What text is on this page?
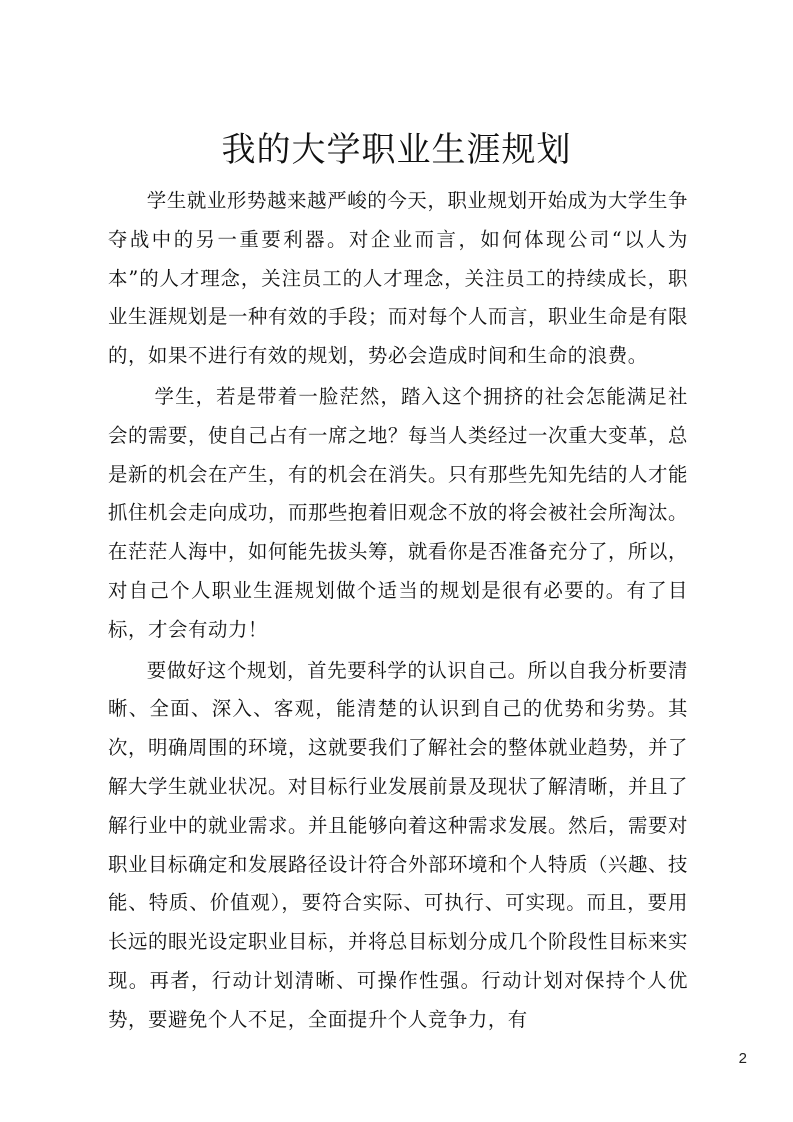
我的大学职业生涯规划

学生就业形势越来越严峻的今天，职业规划开始成为大学生争夺战中的另一重要利器。对企业而言，如何体现公司“以人为本”的人才理念，关注员工的人才理念，关注员工的持续成长，职业生涯规划是一种有效的手段；而对每个人而言，职业生命是有限的，如果不进行有效的规划，势必会造成时间和生命的浪费。

学生，若是带着一脸茫然，踏入这个拥挤的社会怎能满足社会的需要，使自己占有一席之地？每当人类经过一次重大变革，总是新的机会在产生，有的机会在消失。只有那些先知先结的人才能抓住机会走向成功，而那些抱着旧观念不放的将会被社会所淘汰。在茫茫人海中，如何能先拔头筹，就看你是否准备充分了，所以，对自己个人职业生涯规划做个适当的规划是很有必要的。有了目标，才会有动力！

要做好这个规划，首先要科学的认识自己。所以自我分析要清晰、全面、深入、客观，能清楚的认识到自己的优势和劣势。其次，明确周围的环境，这就要我们了解社会的整体就业趋势，并了解大学生就业状况。对目标行业发展前景及现状了解清晰，并且了解行业中的就业需求。并且能够向着这种需求发展。然后，需要对职业目标确定和发展路径设计符合外部环境和个人特质（兴趣、技能、特质、价值观），要符合实际、可执行、可实现。而且，要用长远的眼光设定职业目标，并将总目标划分成几个阶段性目标来实现。再者，行动计划清晰、可操作性强。行动计划对保持个人优势，要避免个人不足，全面提升个人竞争力，有

2
